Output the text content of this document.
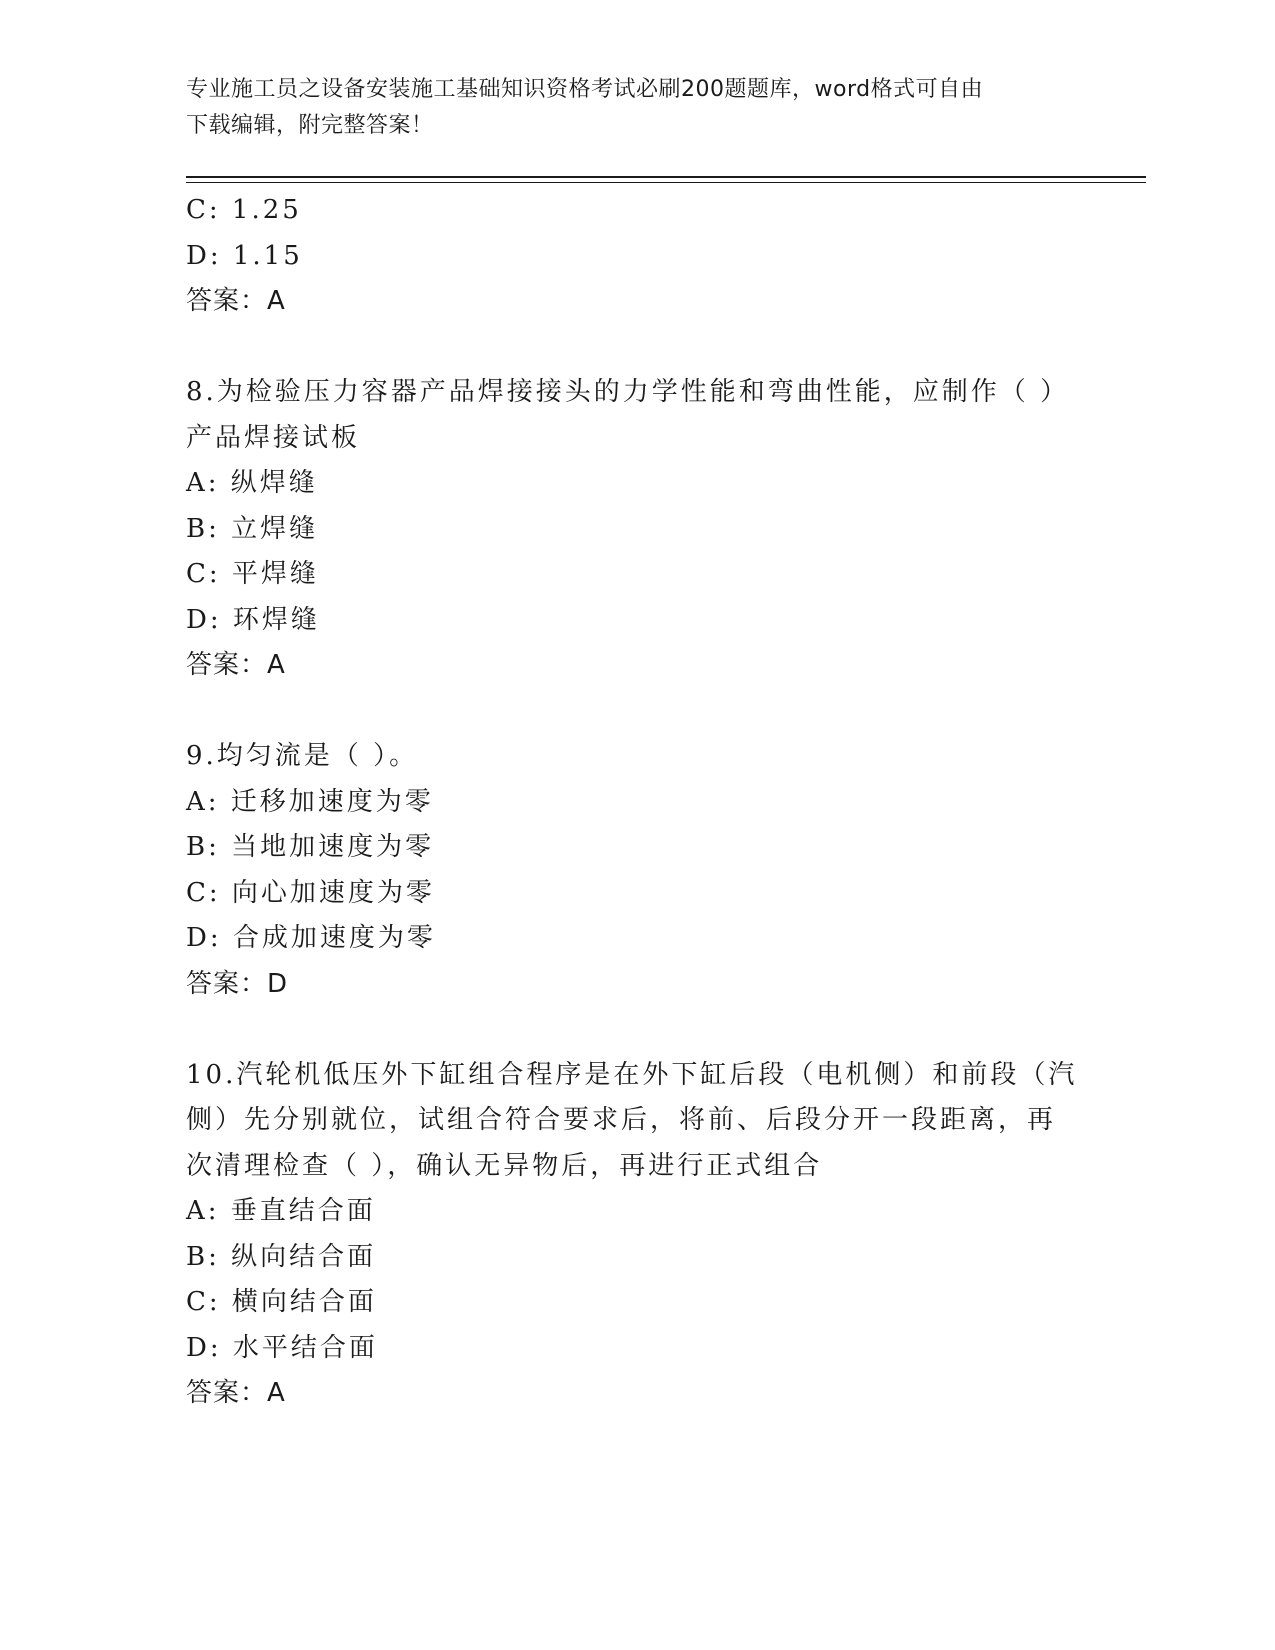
专业施工员之设备安装施工基础知识资格考试必刷200题题库，word格式可自由
下载编辑，附完整答案！
C: 1.25
D: 1.15
答案：A
8.为检验压力容器产品焊接接头的力学性能和弯曲性能，应制作（ ）
产品焊接试板
A: 纵焊缝
B: 立焊缝
C: 平焊缝
D: 环焊缝
答案：A
9.均匀流是（ ）。
A: 迁移加速度为零
B: 当地加速度为零
C: 向心加速度为零
D: 合成加速度为零
答案：D
10.汽轮机低压外下缸组合程序是在外下缸后段（电机侧）和前段（汽
侧）先分别就位，试组合符合要求后，将前、后段分开一段距离，再
次清理检查（ ），确认无异物后，再进行正式组合
A: 垂直结合面
B: 纵向结合面
C: 横向结合面
D: 水平结合面
答案：A
